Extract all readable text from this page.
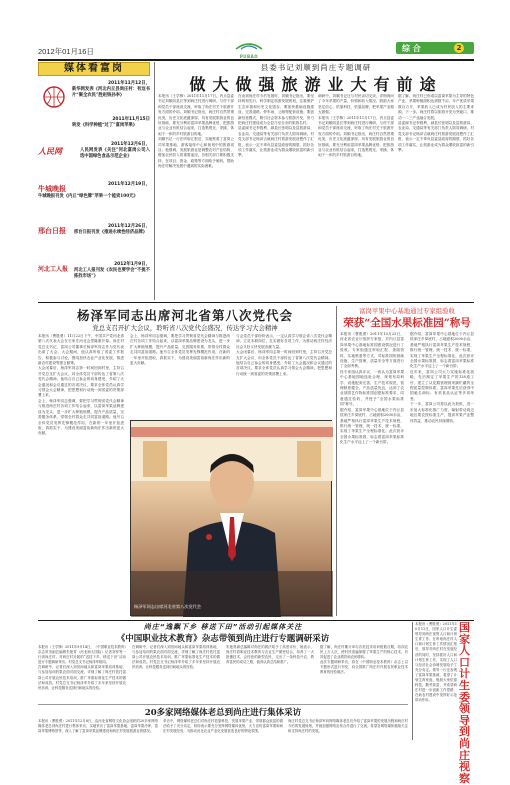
2012年01月16日
PUBAO
综 合	2
媒体看富岗
2011年11月12日，
新华网发表《河北内丘县尚庄村：有这书片“聚全农民”胜赵钱孙李》
2011年11月15日
转发《科学种植“过了”富岗苹果》
人民网
2011年12月6日，
人民网发表《关注”河北富岗公司入选中国绿色食品示范企业》
牛城晚报
2011年12月19日，
牛城晚报刊发《内丘“绿色牌”苹果一个能卖100元》
邢台日报
2011年12月26日，
邢台日报刊发《推进永续性经济品牌》
河北工人报
2012年1月9日，
河北工人报刊发《农民也要学会“不挑不拣找市场”》
县委书记刘顺到尚庄专题调研
做大做强旅游业大有前途

本报讯（王学锋）2011年11月17日，内丘县委书记刘顺同县长等到尚庄村进行调研，与村干部和党员干部座谈交流，听取了尚庄村关于旅游开发方面的介绍。刘顺书记指出，尚庄村自然景观优美，历史文化底蕴深厚，具有发展旅游业的良好基础，要充分利用富岗苹果品牌优势，把旅游业与农业有机结合起来，打造集观光、采摘、休闲于一体的乡村旅游目的地。

刘顺书记一行在听取汇报后，实地察看了富岗公司苹果基地、游客接待中心和规划中的旅游项目。他强调，发展旅游业是调整农村产业结构、增加农民收入的重要途径，各相关部门要积极支持，在项目、资金、政策等方面给予倾斜，帮助尚庄村解决发展中遇到的实际困难。

在谈到尚庄村今后发展时，刘顺书记指出，要坚持规划先行，科学制定旅游发展规划，注重保护生态环境和历史文化遗存；要加快基础设施建设，完善道路、停车场、公厕等配套设施；要创新经营模式，吸引社会资本参与旅游开发，努力把尚庄村建设成为全县乃至全市的旅游名村。

县委副书记李胜利、副县长张明以及县旅游局、农业局、交通局等有关部门负责人陪同调研。村党支部书记杨泽吉就尚庄村旅游发展设想作了汇报，表示一定不辜负县委县政府的期望，抓好各项工作落实，让旅游业成为群众增收致富的新引擎。

调研中，刘顺书记还与村民亲切交谈，详细询问了今年苹果的产量、价格和收入情况，鼓励大家坚定信心，依靠科技，依靠品牌，把苹果产业做大做强。

本报讯（王学锋）2011年11月17日，内丘县委书记刘顺同县长等到尚庄村进行调研，与村干部和党员干部座谈交流，听取了尚庄村关于旅游开发方面的介绍。刘顺书记指出，尚庄村自然景观优美，历史文化底蕴深厚，具有发展旅游业的良好基础，要充分利用富岗苹果品牌优势，把旅游业与农业有机结合起来，打造集观光、采摘、休闲于一体的乡村旅游目的地。

据了解，尚庄村已形成以富岗苹果为主导的特色产业，苹果种植面积达到数千亩，年产优质苹果数百万斤，苹果收入已成为村民收入的主要来源。下一步，尚庄村将以旅游开发为突破口，推动一二三产业融合发展。

县委副书记李胜利、副县长张明以及县旅游局、农业局、交通局等有关部门负责人陪同调研。村党支部书记杨泽吉就尚庄村旅游发展设想作了汇报，表示一定不辜负县委县政府的期望，抓好各项工作落实，让旅游业成为群众增收致富的新引擎。

杨泽军同志出席河北省第八次党代会
党总支召开扩大会议，聆听省八次党代会盛况，传达学习大会精神

本报讯（曹胜勇）11月22日下午，中国共产党河北省第八次代表大会在石家庄河北会堂隆重开幕。尚庄村党总支书记、富岗公司董事长杨泽军同志作为党代表出席了大会。大会期间，他认真听取了省委工作报告，积极参与讨论，围绕加快农业产业化发展、推进新农村建设等建言献策。

大会闭幕后，杨泽军同志第一时间回到村里，主持召开党总支扩大会议，向全体党员干部传达了省第八次党代会精神。他结合自己参会的切身感受，介绍了大会盛况和会议通过的各项决议，要求全体党员认真学习领会大会精神，把思想和行动统一到省委的决策部署上来。

会上，杨泽军同志强调，要把学习贯彻省党代会精神与推进尚庄村各项工作结合起来，以富岗苹果品牌建设为龙头，进一步扩大种植规模，提升产品质量，完善服务体系，带领全村群众走共同富裕道路。他号召全体党员发挥先锋模范作用，在新的一年里开拓进取，真抓实干，为建设美丽富裕新尚庄作出新的更大贡献。

会上，杨泽军同志强调，要把学习贯彻省党代会精神与推进尚庄村各项工作结合起来，以富岗苹果品牌建设为龙头，进一步扩大种植规模，提升产品质量，完善服务体系，带领全村群众走共同富裕道路。他号召全体党员发挥先锋模范作用，在新的一年里开拓进取，真抓实干，为建设美丽富裕新尚庄作出新的更大贡献。

与会党员干部纷纷表示，一定认真学习领会省八次党代会精神，立足本职岗位，扎实做好各项工作，为推动尚庄村经济社会又好又快发展贡献力量。

大会闭幕后，杨泽军同志第一时间回到村里，主持召开党总支扩大会议，向全体党员干部传达了省第八次党代会精神。他结合自己参会的切身感受，介绍了大会盛况和会议通过的各项决议，要求全体党员认真学习领会大会精神，把思想和行动统一到省委的决策部署上来。

杨泽军同志出席河北省第八次党代会
富岗苹果中心基地通过专家组验收
荣获“全国水果标准园”称号

本报讯（曹胜勇）2011年10月22日，河北省农业厅组织专家组，对内丘县富岗苹果中心基地标准园建设情况进行了验收。专家组通过听取汇报、查阅资料、实地察看等方式，对标准园的基础设施、生产管理、质量安全等方面进行了全面考核。

经专家组认真评议，一致认为富岗苹果中心基地园地选址合理、规划布局科学、设施配套完善，生产技术规范，管理制度健全，产品质量优良，达到了农业部园艺作物标准园创建标准要求，同意通过验收，并授予“全国水果标准园”称号。

据介绍，富岗苹果中心基地位于内丘县侯家庄乡岗底村，占地面积2000余亩，基地严格执行富岗苹果生产技术规程，推行统一管理、统一技术、统一标准，实现了苹果生产全程标准化。此次获评全国水果标准园，标志着富岗苹果标准化生产水平迈上了一个新台阶。

据介绍，富岗苹果中心基地位于内丘县侯家庄乡岗底村，占地面积2000余亩，基地严格执行富岗苹果生产技术规程，推行统一管理、统一技术、统一标准，实现了苹果生产全程标准化。此次获评全国水果标准园，标志着富岗苹果标准化生产水平迈上了一个新台阶。

近年来，富岗公司大力实施标准化战略，先后制定了苹果生产的128道工序，建立了从花期管理到采摘贮藏的全程质量控制体系，富岗苹果先后获得中国驰名商标、有机食品认证等多项荣誉。

下一步，富岗公司将以此为契机，进一步加大标准化推广力度，辐射带动周边地区果农按标准生产，提高苹果产业整体效益，推动农民持续增收。

尚庄“逸飘下乡 移送下田”活动引起媒体关注
《中国职业技术教育》杂志带领到尚庄进行专题调研采访

本报讯（王学锋）2011年9月14日，《中国职业技术教育》杂志常务副总编辑朱艳青（河北师大国际）记者刘家等一行到尚庄村，对尚庄村开展的“送技下乡、移送下田”活动进行专题调研采访。村党总支书记杨泽军陪同。

在调研中，记者们深入到田间地头和富岗苹果培训基地，与参加培训的果农面对面交流，详细了解了尚庄村依托富岗公司开展农民技术培训、推广苹果标准化生产技术的做法和成效。村党总支书记杨泽军介绍了多年来坚持开展农民培训、让科技服务送到田间地头的经验。

在调研中，记者们深入到田间地头和富岗苹果培训基地，与参加培训的果农面对面交流，详细了解了尚庄村依托富岗公司开展农民技术培训、推广苹果标准化生产技术的做法和成效。村党总支书记杨泽军介绍了多年来坚持开展农民培训、让科技服务送到田间地头的经验。

朱艳青副总编辑对尚庄的做法给予了高度评价，她表示，尚庄村将职业技术教育与农业生产紧密结合，培养了一大批懂技术、会经营的新型农民，走出了一条科技兴农、教育富民的成功之路，值得认真总结和推广。

据了解，尚庄村累计举办各类技术培训班数百期，培训农民上万人次，使村民普遍掌握了苹果生产的核心技术，有效促进了农业增效和农民增收。

此次专题调研采访，将在《中国职业技术教育》杂志上以专题形式进行刊发，向全国推广尚庄村开展农民职业技术教育的经验做法。

20多家网络媒体老总到尚庄进行集体采访

本报讯（曹胜勇）2011年12月8日，由河北省网络文化协会组织的20多家网络媒体老总到尚庄村进行集体采访，实地采访了富岗苹果基地、富岗苹果冷库、富岗苹果博物馆等，深入了解了富岗苹果品牌建设和尚庄村发展旅游业的情况。

采访中，网络媒体老总们对尚庄村依靠科技、发展苹果产业、带领群众致富的做法给予了充分肯定，纷纷表示要充分发挥网络媒体优势，大力宣传富岗苹果和尚庄村发展经验，为推动河北农业产业化发展营造良好的舆论氛围。

尚庄村党总支书记杨泽军向网络媒体老总们介绍了富岗苹果的发展历程和尚庄村今后的发展规划，并就加强网络宣传合作进行了交流，希望各网络媒体继续关注和支持尚庄村的发展。

本报讯（曹胜勇）2011年10月11日，国家人口计生委领导到尚庄视察人口和计划生育工作。在听取尚庄村人口和计划生育工作情况汇报后，领导对尚庄村在发展经济的同时，坚持抓好人口和计划生育工作，实现了人口与经济社会协调发展给予了充分肯定。领导一行还参观了富岗苹果基地，看望了计划生育家庭，勉励大家依靠科技，勤劳致富，并希望尚庄村进一步创新工作思路，在新农村建设中发挥好示范带动作用。
国家人口计生委领导到尚庄视察
